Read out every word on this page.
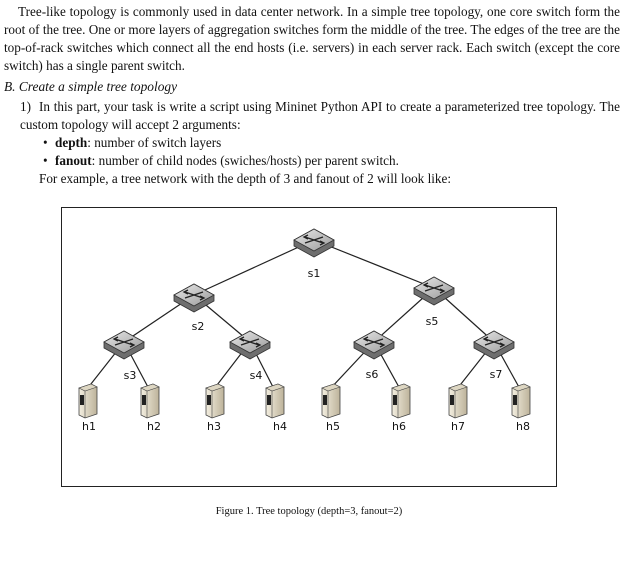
Tree-like topology is commonly used in data center network. In a simple tree topology, one core switch form the root of the tree. One or more layers of aggregation switches form the middle of the tree. The edges of the tree are the top-of-rack switches which connect all the end hosts (i.e. servers) in each server rack. Each switch (except the core switch) has a single parent switch.

B. Create a simple tree topology

1) In this part, your task is write a script using Mininet Python API to create a parameterized tree topology. The custom topology will accept 2 arguments:
• depth: number of switch layers
• fanout: number of child nodes (swiches/hosts) per parent switch.
For example, a tree network with the depth of 3 and fanout of 2 will look like:
s1
s2
s3	s4
s5
s6	s7
h1	h2	h3	h4	h5	h6	h7	h8

Figure 1. Tree topology (depth=3, fanout=2)
